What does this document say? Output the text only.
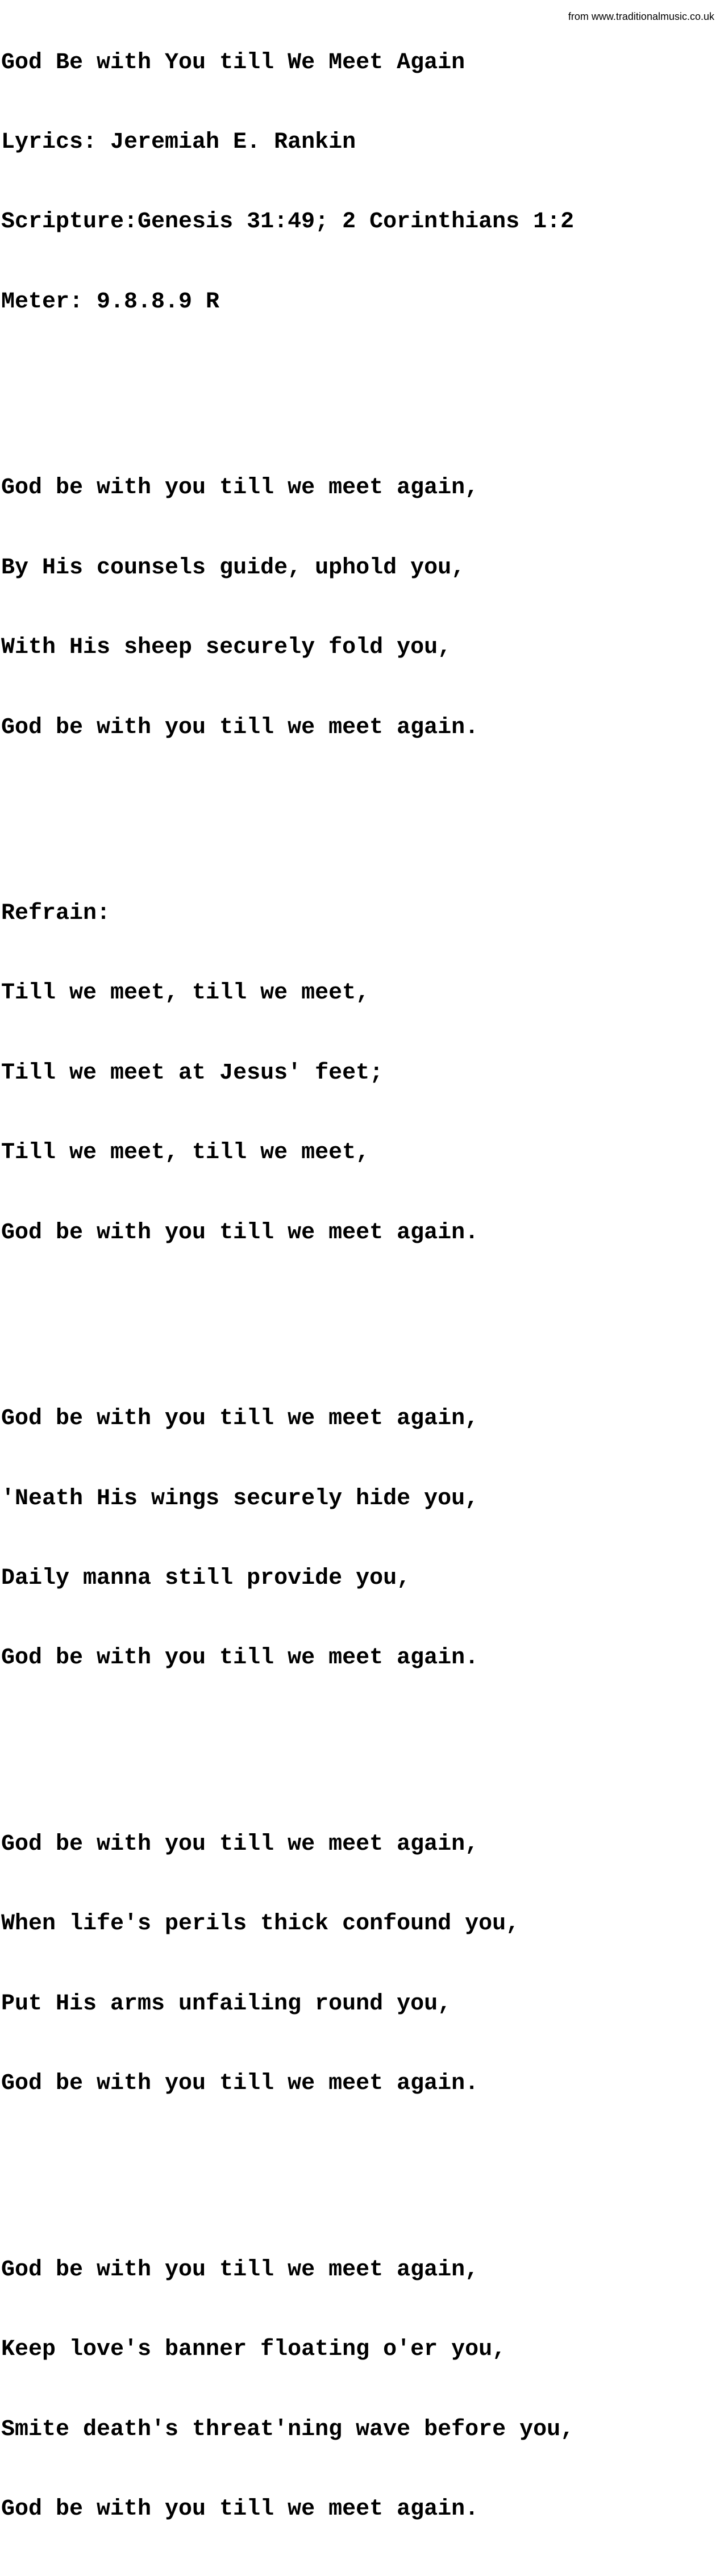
from www.traditionalmusic.co.uk

God Be with You till We Meet Again

Lyrics: Jeremiah E. Rankin

Scripture:Genesis 31:49; 2 Corinthians 1:2

Meter: 9.8.8.9 R

God be with you till we meet again,

By His counsels guide, uphold you,

With His sheep securely fold you,

God be with you till we meet again.

Refrain:

Till we meet, till we meet,

Till we meet at Jesus' feet;

Till we meet, till we meet,

God be with you till we meet again.

God be with you till we meet again,

'Neath His wings securely hide you,

Daily manna still provide you,

God be with you till we meet again.

God be with you till we meet again,

When life's perils thick confound you,

Put His arms unfailing round you,

God be with you till we meet again.

God be with you till we meet again,

Keep love's banner floating o'er you,

Smite death's threat'ning wave before you,

God be with you till we meet again.
